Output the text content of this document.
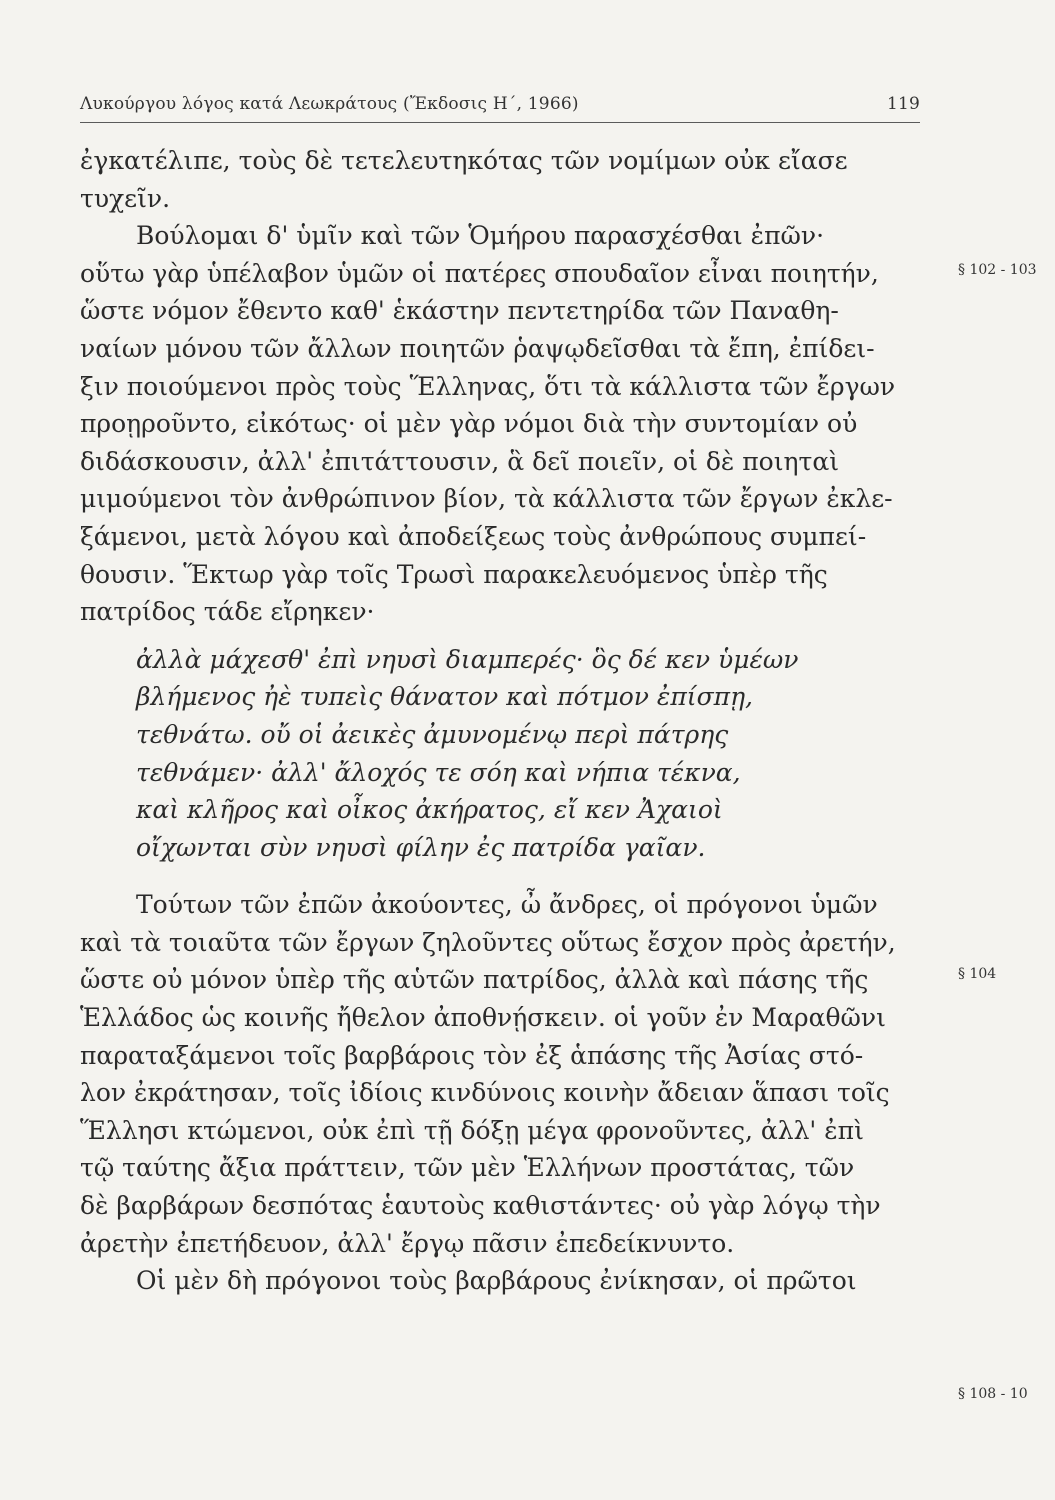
Λυκούργου λόγος κατά Λεωκράτους (Ἔκδοσις Η΄, 1966)	119
ἐγκατέλιπε, τοὺς δὲ τετελευτηκότας τῶν νομίμων οὐκ εἴασε
τυχεῖν.
Βούλομαι δ' ὑμῖν καὶ τῶν Ὁμήρου παρασχέσθαι ἐπῶν·
οὕτω γὰρ ὑπέλαβον ὑμῶν οἱ πατέρες σπουδαῖον εἶναι ποιητήν,
ὥστε νόμον ἔθεντο καθ' ἑκάστην πεντετηρίδα τῶν Παναθη-
ναίων μόνου τῶν ἄλλων ποιητῶν ῥαψῳδεῖσθαι τὰ ἔπη, ἐπίδει-
ξιν ποιούμενοι πρὸς τοὺς Ἕλληνας, ὅτι τὰ κάλλιστα τῶν ἔργων
προῃροῦντο, εἰκότως· οἱ μὲν γὰρ νόμοι διὰ τὴν συντομίαν οὐ
διδάσκουσιν, ἀλλ' ἐπιτάττουσιν, ἃ δεῖ ποιεῖν, οἱ δὲ ποιηταὶ
μιμούμενοι τὸν ἀνθρώπινον βίον, τὰ κάλλιστα τῶν ἔργων ἐκλε-
ξάμενοι, μετὰ λόγου καὶ ἀποδείξεως τοὺς ἀνθρώπους συμπεί-
θουσιν. Ἕκτωρ γὰρ τοῖς Τρωσὶ παρακελευόμενος ὑπὲρ τῆς
πατρίδος τάδε εἴρηκεν·
ἀλλὰ μάχεσθ' ἐπὶ νηυσὶ διαμπερές· ὃς δέ κεν ὑμέων
βλήμενος ἠὲ τυπεὶς θάνατον καὶ πότμον ἐπίσπῃ,
τεθνάτω. οὔ οἱ ἀεικὲς ἀμυνομένῳ περὶ πάτρης
τεθνάμεν· ἀλλ' ἄλοχός τε σόη καὶ νήπια τέκνα,
καὶ κλῆρος καὶ οἶκος ἀκήρατος, εἴ κεν Ἀχαιοὶ
οἴχωνται σὺν νηυσὶ φίλην ἐς πατρίδα γαῖαν.
Τούτων τῶν ἐπῶν ἀκούοντες, ὦ ἄνδρες, οἱ πρόγονοι ὑμῶν
καὶ τὰ τοιαῦτα τῶν ἔργων ζηλοῦντες οὕτως ἔσχον πρὸς ἀρετήν,
ὥστε οὐ μόνον ὑπὲρ τῆς αὑτῶν πατρίδος, ἀλλὰ καὶ πάσης τῆς
Ἑλλάδος ὡς κοινῆς ἤθελον ἀποθνῄσκειν. οἱ γοῦν ἐν Μαραθῶνι
παραταξάμενοι τοῖς βαρβάροις τὸν ἐξ ἁπάσης τῆς Ἀσίας στό-
λον ἐκράτησαν, τοῖς ἰδίοις κινδύνοις κοινὴν ἄδειαν ἅπασι τοῖς
Ἕλλησι κτώμενοι, οὐκ ἐπὶ τῇ δόξῃ μέγα φρονοῦντες, ἀλλ' ἐπὶ
τῷ ταύτης ἄξια πράττειν, τῶν μὲν Ἑλλήνων προστάτας, τῶν
δὲ βαρβάρων δεσπότας ἑαυτοὺς καθιστάντες· οὐ γὰρ λόγῳ τὴν
ἀρετὴν ἐπετήδευον, ἀλλ' ἔργῳ πᾶσιν ἐπεδείκνυντο.
Οἱ μὲν δὴ πρόγονοι τοὺς βαρβάρους ἐνίκησαν, οἱ πρῶτοι
§ 102 - 103
§ 104
§ 108 - 10
